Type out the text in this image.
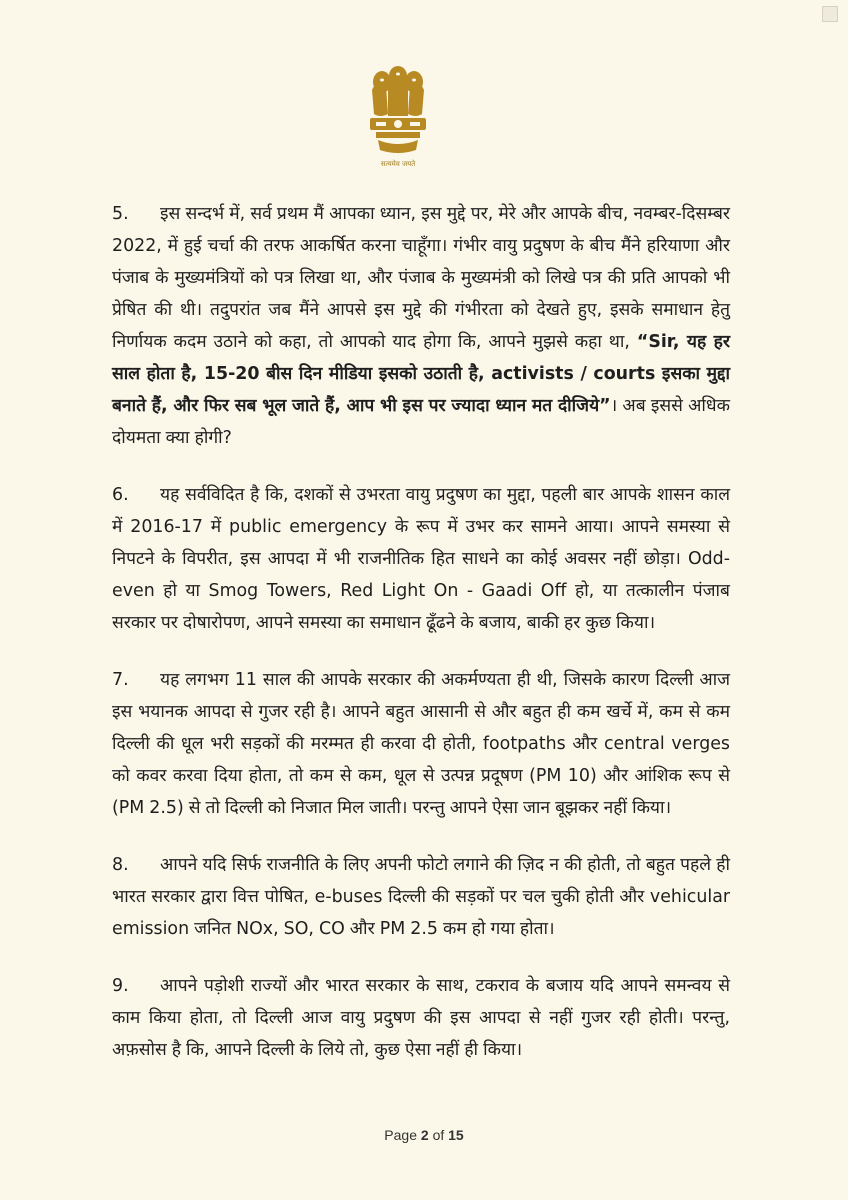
सत्यमेव जयते

5. इस सन्दर्भ में, सर्व प्रथम मैं आपका ध्यान, इस मुद्दे पर, मेरे और आपके बीच, नवम्बर-दिसम्बर 2022, में हुई चर्चा की तरफ आकर्षित करना चाहूँगा। गंभीर वायु प्रदुषण के बीच मैंने हरियाणा और पंजाब के मुख्यमंत्रियों को पत्र लिखा था, और पंजाब के मुख्यमंत्री को लिखे पत्र की प्रति आपको भी प्रेषित की थी। तदुपरांत जब मैंने आपसे इस मुद्दे की गंभीरता को देखते हुए, इसके समाधान हेतु निर्णायक कदम उठाने को कहा, तो आपको याद होगा कि, आपने मुझसे कहा था, “Sir, यह हर साल होता है, 15-20 बीस दिन मीडिया इसको उठाती है, activists / courts इसका मुद्दा बनाते हैं, और फिर सब भूल जाते हैं, आप भी इस पर ज्यादा ध्यान मत दीजिये”। अब इससे अधिक दोयमता क्या होगी?

6. यह सर्वविदित है कि, दशकों से उभरता वायु प्रदुषण का मुद्दा, पहली बार आपके शासन काल में 2016-17 में public emergency के रूप में उभर कर सामने आया। आपने समस्या से निपटने के विपरीत, इस आपदा में भी राजनीतिक हित साधने का कोई अवसर नहीं छोड़ा। Odd-even हो या Smog Towers, Red Light On - Gaadi Off हो, या तत्कालीन पंजाब सरकार पर दोषारोपण, आपने समस्या का समाधान ढूँढने के बजाय, बाकी हर कुछ किया।

7. यह लगभग 11 साल की आपके सरकार की अकर्मण्यता ही थी, जिसके कारण दिल्ली आज इस भयानक आपदा से गुजर रही है। आपने बहुत आसानी से और बहुत ही कम खर्चे में, कम से कम दिल्ली की धूल भरी सड़कों की मरम्मत ही करवा दी होती, footpaths और central verges को कवर करवा दिया होता, तो कम से कम, धूल से उत्पन्न प्रदूषण (PM 10) और आंशिक रूप से (PM 2.5) से तो दिल्ली को निजात मिल जाती। परन्तु आपने ऐसा जान बूझकर नहीं किया।

8. आपने यदि सिर्फ राजनीति के लिए अपनी फोटो लगाने की ज़िद न की होती, तो बहुत पहले ही भारत सरकार द्वारा वित्त पोषित, e-buses दिल्ली की सड़कों पर चल चुकी होती और vehicular emission जनित NOx, SO, CO और PM 2.5 कम हो गया होता।

9. आपने पड़ोशी राज्यों और भारत सरकार के साथ, टकराव के बजाय यदि आपने समन्वय से काम किया होता, तो दिल्ली आज वायु प्रदुषण की इस आपदा से नहीं गुजर रही होती। परन्तु, अफ़सोस है कि, आपने दिल्ली के लिये तो, कुछ ऐसा नहीं ही किया।

Page 2 of 15
